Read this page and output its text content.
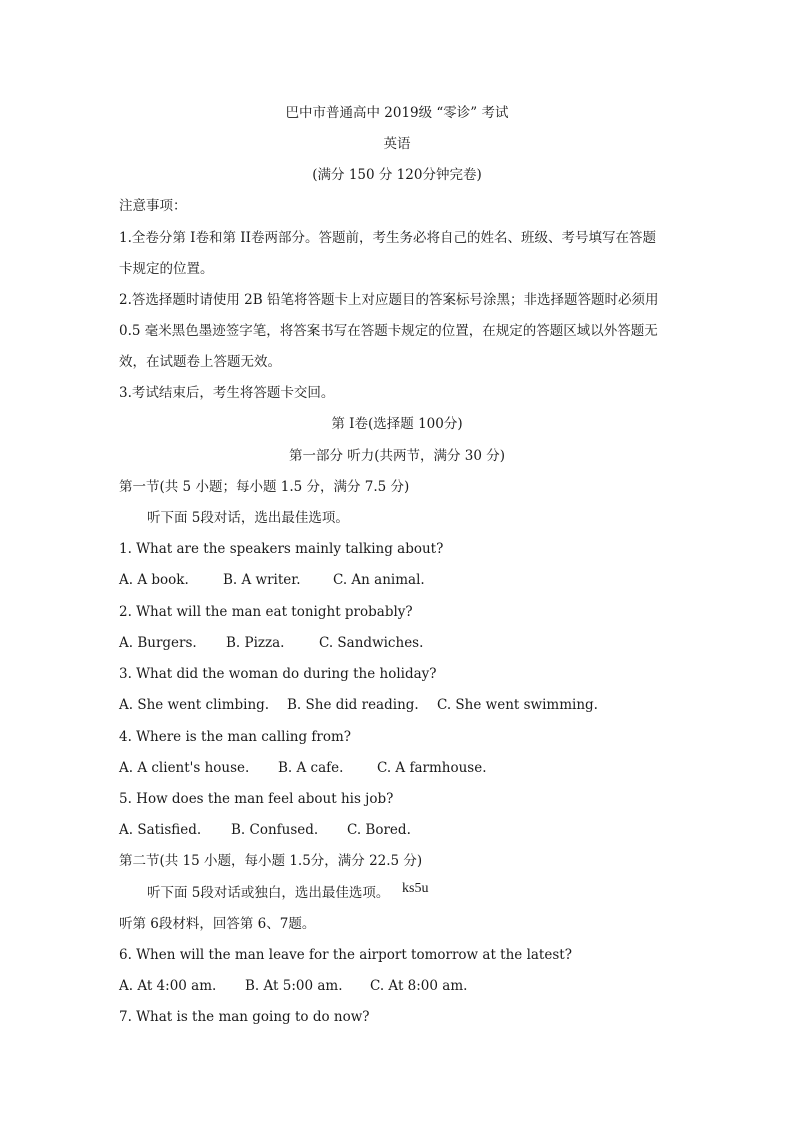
巴中市普通高中 2019级 “零诊” 考试
英语
(满分 150 分 120分钟完卷)
注意事项：
1.全卷分第 I卷和第 II卷两部分。答题前，考生务必将自己的姓名、班级、考号填写在答题
卡规定的位置。
2.答选择题时请使用 2B 铅笔将答题卡上对应题目的答案标号涂黑；非选择题答题时必须用
0.5 毫米黑色墨迹签字笔，将答案书写在答题卡规定的位置，在规定的答题区域以外答题无
效，在试题卷上答题无效。
3.考试结束后，考生将答题卡交回。
第 I卷(选择题 100分)
第一部分 听力(共两节，满分 30 分)
第一节(共 5 小题；每小题 1.5 分，满分 7.5 分)
听下面 5段对话，选出最佳选项。
1. What are the speakers mainly talking about?
A. A book.	B. A writer. C. An animal.
2. What will the man eat tonight probably?
A. Burgers. B. Pizza.	C. Sandwiches.
3. What did the woman do during the holiday?
A. She went climbing. B. She did reading. C. She went swimming.
4. Where is the man calling from?
A. A client's house. B. A cafe. C. A farmhouse.
5. How does the man feel about his job?
A. Satisfied. B. Confused. C. Bored.
第二节(共 15 小题，每小题 1.5分，满分 22.5 分)
听下面 5段对话或独白，选出最佳选项。 ks5u
听第 6段材料，回答第 6、7题。
6. When will the man leave for the airport tomorrow at the latest?
A. At 4:00 am. B. At 5:00 am. C. At 8:00 am.
7. What is the man going to do now?
